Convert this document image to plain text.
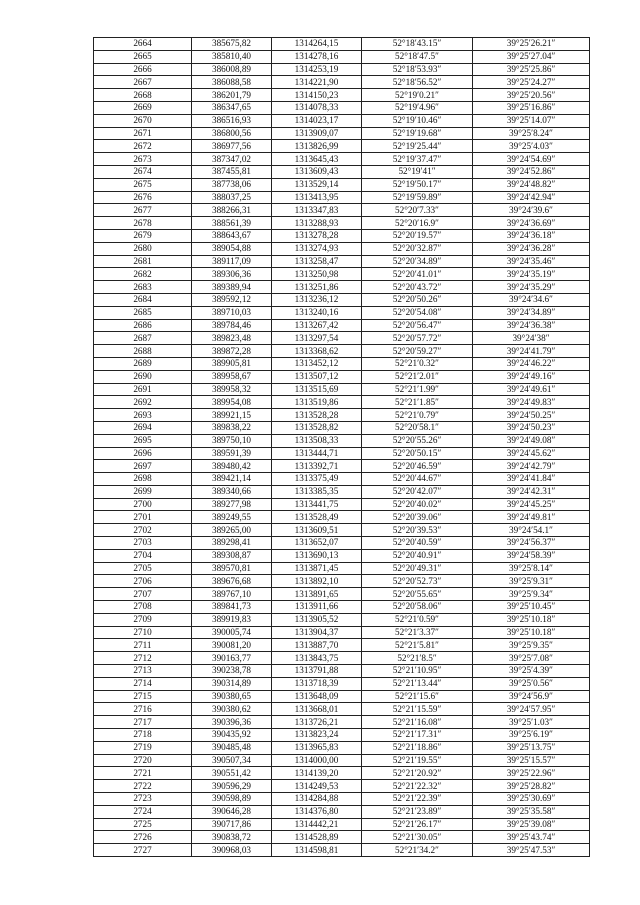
2664	385675,82	1314264,15	52°18′43.15″	39°25′26.21″
2665	385810,40	1314278,16	52°18′47.5″	39°25′27.04″
2666	386008,89	1314253,19	52°18′53.93″	39°25′25.86″
2667	386088,58	1314221,90	52°18′56.52″	39°25′24.27″
2668	386201,79	1314150,23	52°19′0.21″	39°25′20.56″
2669	386347,65	1314078,33	52°19′4.96″	39°25′16.86″
2670	386516,93	1314023,17	52°19′10.46″	39°25′14.07″
2671	386800,56	1313909,07	52°19′19.68″	39°25′8.24″
2672	386977,56	1313826,99	52°19′25.44″	39°25′4.03″
2673	387347,02	1313645,43	52°19′37.47″	39°24′54.69″
2674	387455,81	1313609,43	52°19′41″	39°24′52.86″
2675	387738,06	1313529,14	52°19′50.17″	39°24′48.82″
2676	388037,25	1313413,95	52°19′59.89″	39°24′42.94″
2677	388266,31	1313347,83	52°20′7.33″	39°24′39.6″
2678	388561,39	1313288,93	52°20′16.9″	39°24′36.69″
2679	388643,67	1313278,28	52°20′19.57″	39°24′36.18″
2680	389054,88	1313274,93	52°20′32.87″	39°24′36.28″
2681	389117,09	1313258,47	52°20′34.89″	39°24′35.46″
2682	389306,36	1313250,98	52°20′41.01″	39°24′35.19″
2683	389389,94	1313251,86	52°20′43.72″	39°24′35.29″
2684	389592,12	1313236,12	52°20′50.26″	39°24′34.6″
2685	389710,03	1313240,16	52°20′54.08″	39°24′34.89″
2686	389784,46	1313267,42	52°20′56.47″	39°24′36.38″
2687	389823,48	1313297,54	52°20′57.72″	39°24′38″
2688	389872,28	1313368,62	52°20′59.27″	39°24′41.79″
2689	389905,81	1313452,12	52°21′0.32″	39°24′46.22″
2690	389958,67	1313507,12	52°21′2.01″	39°24′49.16″
2691	389958,32	1313515,69	52°21′1.99″	39°24′49.61″
2692	389954,08	1313519,86	52°21′1.85″	39°24′49.83″
2693	389921,15	1313528,28	52°21′0.79″	39°24′50.25″
2694	389838,22	1313528,82	52°20′58.1″	39°24′50.23″
2695	389750,10	1313508,33	52°20′55.26″	39°24′49.08″
2696	389591,39	1313444,71	52°20′50.15″	39°24′45.62″
2697	389480,42	1313392,71	52°20′46.59″	39°24′42.79″
2698	389421,14	1313375,49	52°20′44.67″	39°24′41.84″
2699	389340,66	1313385,35	52°20′42.07″	39°24′42.31″
2700	389277,98	1313441,75	52°20′40.02″	39°24′45.25″
2701	389249,55	1313528,49	52°20′39.06″	39°24′49.81″
2702	389265,00	1313609,51	52°20′39.53″	39°24′54.1″
2703	389298,41	1313652,07	52°20′40.59″	39°24′56.37″
2704	389308,87	1313690,13	52°20′40.91″	39°24′58.39″
2705	389570,81	1313871,45	52°20′49.31″	39°25′8.14″
2706	389676,68	1313892,10	52°20′52.73″	39°25′9.31″
2707	389767,10	1313891,65	52°20′55.65″	39°25′9.34″
2708	389841,73	1313911,66	52°20′58.06″	39°25′10.45″
2709	389919,83	1313905,52	52°21′0.59″	39°25′10.18″
2710	390005,74	1313904,37	52°21′3.37″	39°25′10.18″
2711	390081,20	1313887,70	52°21′5.81″	39°25′9.35″
2712	390163,77	1313843,75	52°21′8.5″	39°25′7.08″
2713	390238,78	1313791,88	52°21′10.95″	39°25′4.39″
2714	390314,89	1313718,39	52°21′13.44″	39°25′0.56″
2715	390380,65	1313648,09	52°21′15.6″	39°24′56.9″
2716	390380,62	1313668,01	52°21′15.59″	39°24′57.95″
2717	390396,36	1313726,21	52°21′16.08″	39°25′1.03″
2718	390435,92	1313823,24	52°21′17.31″	39°25′6.19″
2719	390485,48	1313965,83	52°21′18.86″	39°25′13.75″
2720	390507,34	1314000,00	52°21′19.55″	39°25′15.57″
2721	390551,42	1314139,20	52°21′20.92″	39°25′22.96″
2722	390596,29	1314249,53	52°21′22.32″	39°25′28.82″
2723	390598,89	1314284,88	52°21′22.39″	39°25′30.69″
2724	390646,28	1314376,80	52°21′23.89″	39°25′35.58″
2725	390717,86	1314442,21	52°21′26.17″	39°25′39.08″
2726	390838,72	1314528,89	52°21′30.05″	39°25′43.74″
2727	390968,03	1314598,81	52°21′34.2″	39°25′47.53″
